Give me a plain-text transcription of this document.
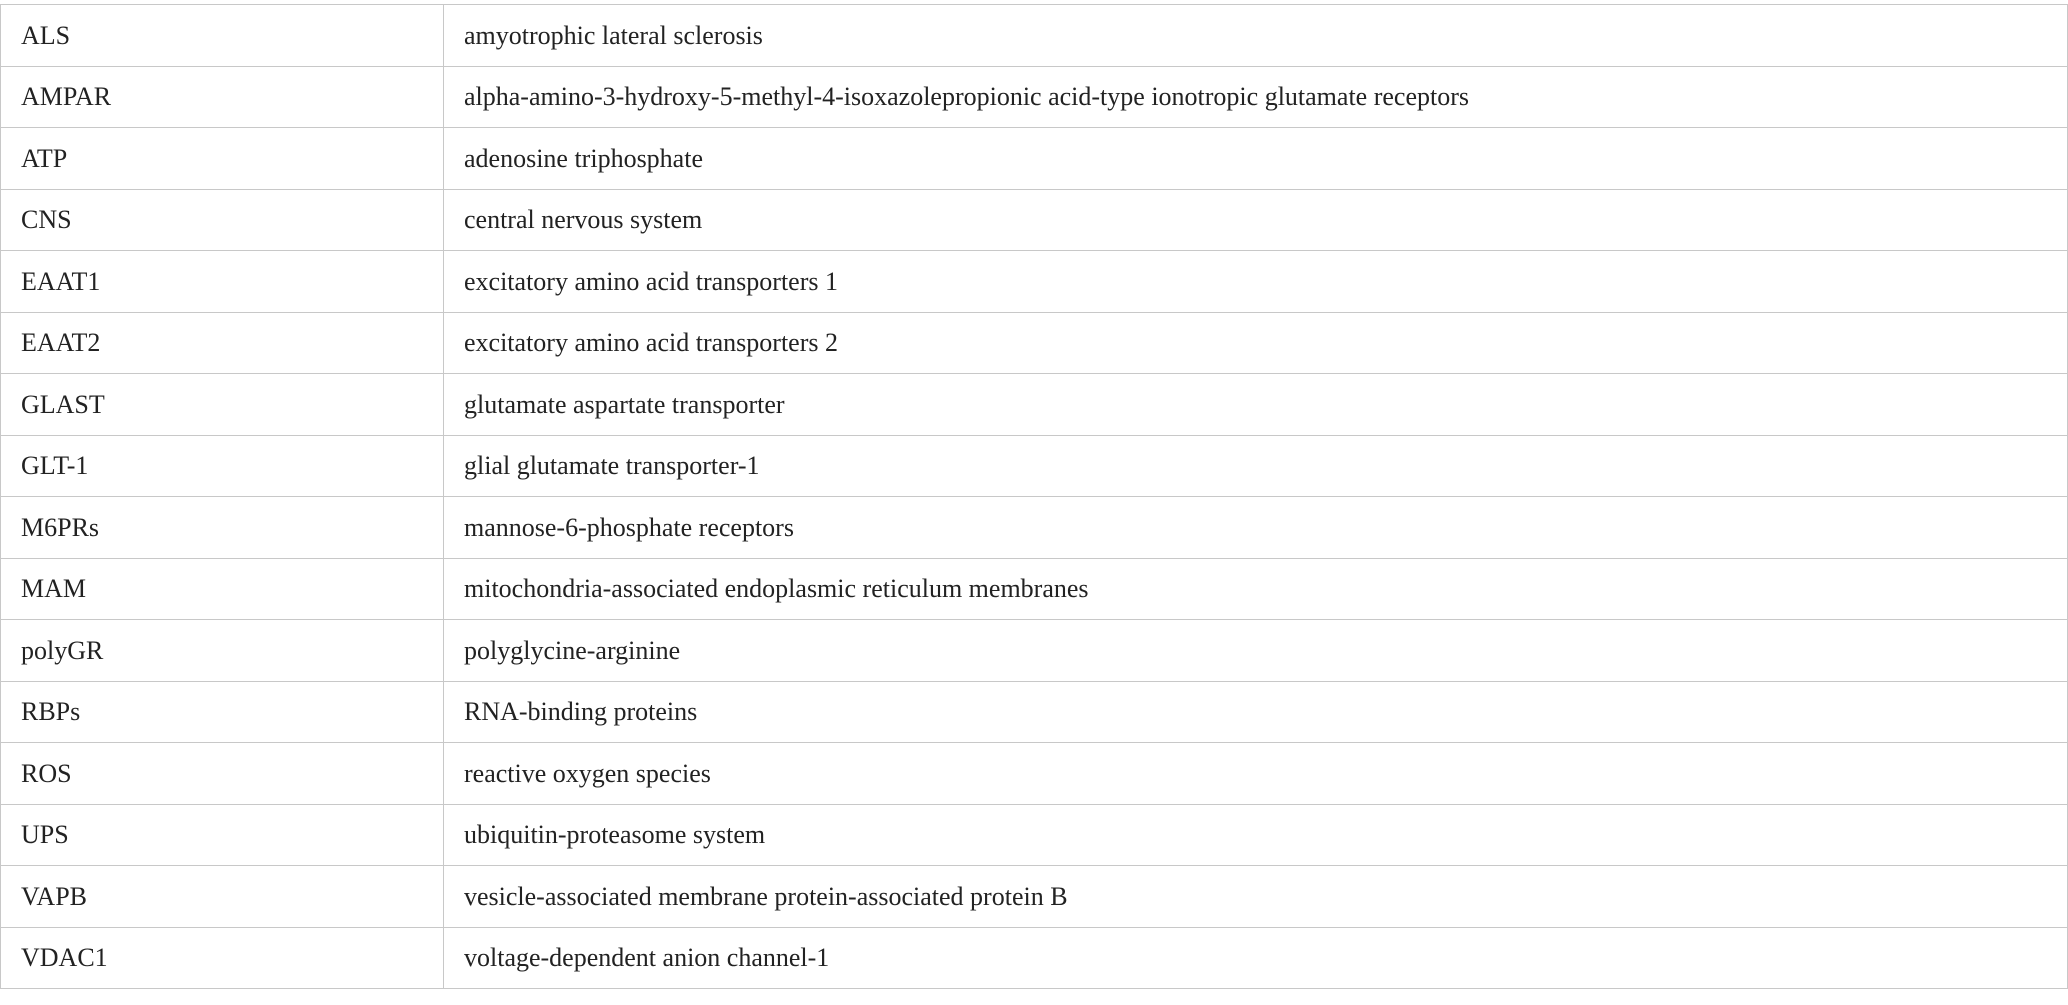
ALS	amyotrophic lateral sclerosis
AMPAR	alpha-amino-3-hydroxy-5-methyl-4-isoxazolepropionic acid-type ionotropic glutamate receptors
ATP	adenosine triphosphate
CNS	central nervous system
EAAT1	excitatory amino acid transporters 1
EAAT2	excitatory amino acid transporters 2
GLAST	glutamate aspartate transporter
GLT-1	glial glutamate transporter-1
M6PRs	mannose-6-phosphate receptors
MAM	mitochondria-associated endoplasmic reticulum membranes
polyGR	polyglycine-arginine
RBPs	RNA-binding proteins
ROS	reactive oxygen species
UPS	ubiquitin-proteasome system
VAPB	vesicle-associated membrane protein-associated protein B
VDAC1	voltage-dependent anion channel-1
